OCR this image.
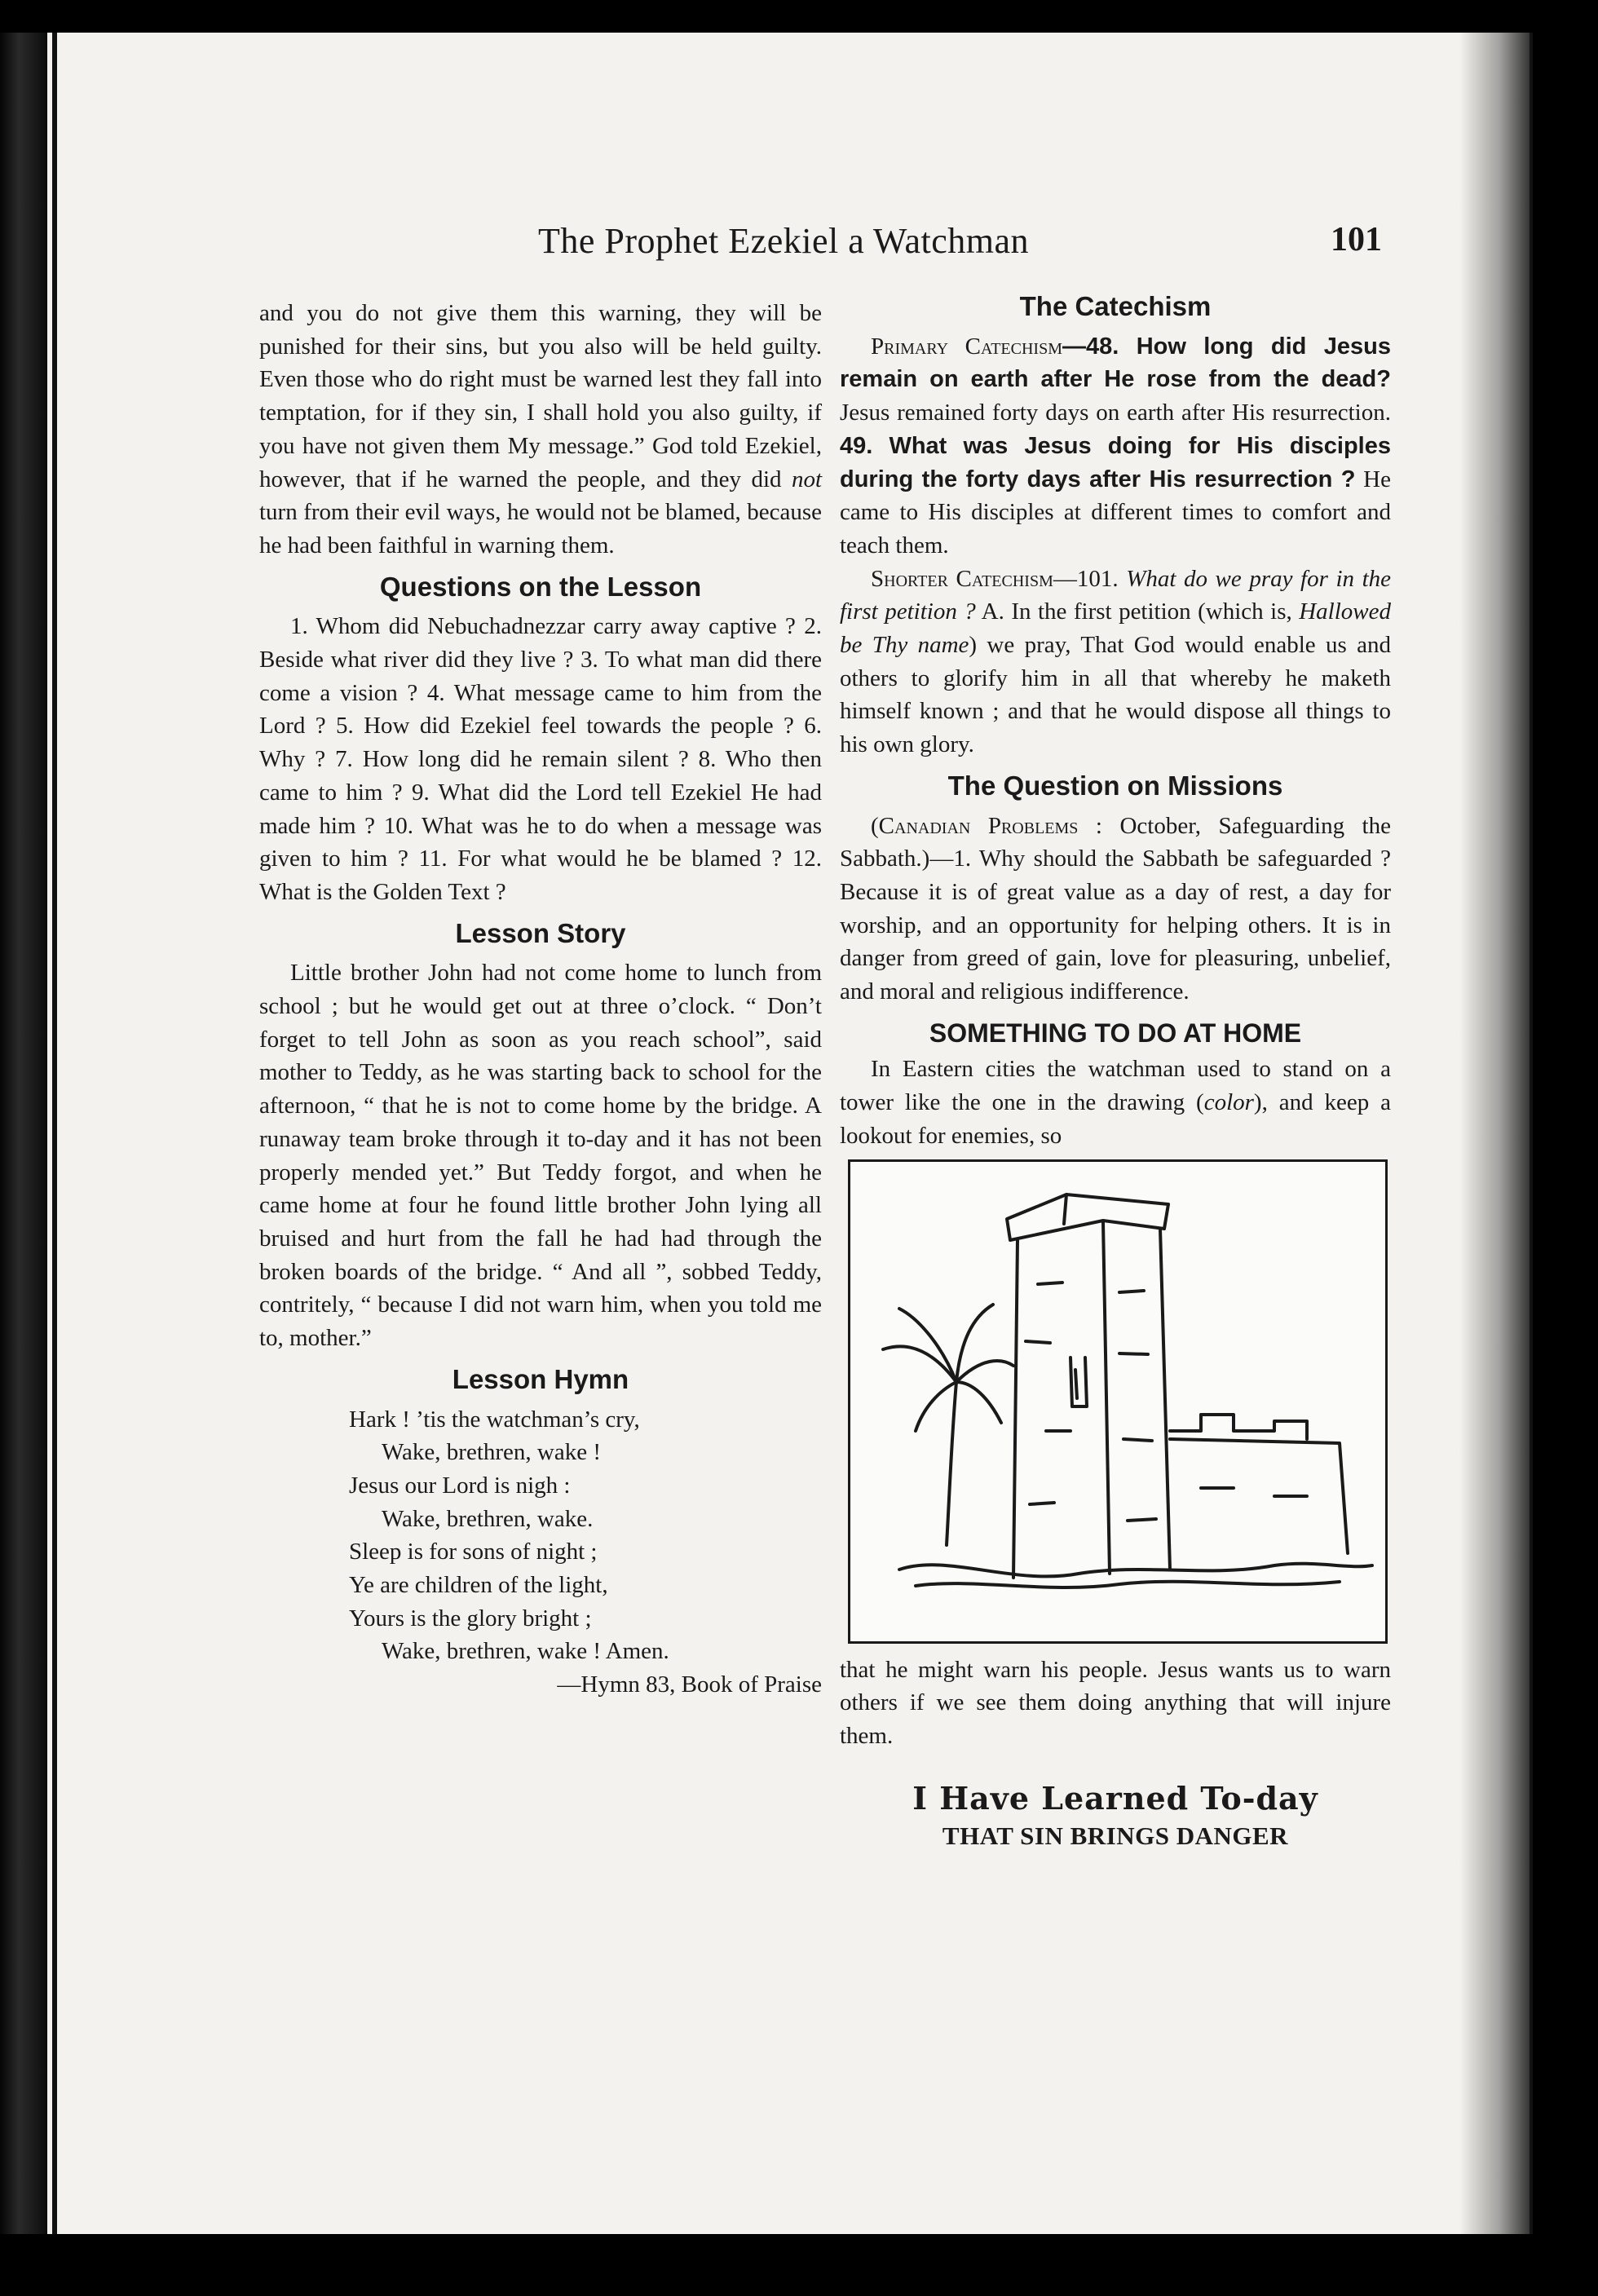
The Prophet Ezekiel a Watchman	101

and you do not give them this warning, they will be punished for their sins, but you also will be held guilty. Even those who do right must be warned lest they fall into temptation, for if they sin, I shall hold you also guilty, if you have not given them My message.” God told Ezekiel, however, that if he warned the people, and they did not turn from their evil ways, he would not be blamed, because he had been faithful in warning them.

Questions on the Lesson

1. Whom did Nebuchadnezzar carry away captive ? 2. Beside what river did they live ? 3. To what man did there come a vision ? 4. What message came to him from the Lord ? 5. How did Ezekiel feel towards the people ? 6. Why ? 7. How long did he remain silent ? 8. Who then came to him ? 9. What did the Lord tell Ezekiel He had made him ? 10. What was he to do when a message was given to him ? 11. For what would he be blamed ? 12. What is the Golden Text ?

Lesson Story

Little brother John had not come home to lunch from school ; but he would get out at three o’clock. “ Don’t forget to tell John as soon as you reach school”, said mother to Teddy, as he was starting back to school for the afternoon, “ that he is not to come home by the bridge. A runaway team broke through it to-day and it has not been properly mended yet.” But Teddy forgot, and when he came home at four he found little brother John lying all bruised and hurt from the fall he had had through the broken boards of the bridge. “ And all ”, sobbed Teddy, contritely, “ because I did not warn him, when you told me to, mother.”

Lesson Hymn
Hark ! ’tis the watchman’s cry,
Wake, brethren, wake !
Jesus our Lord is nigh :
Wake, brethren, wake.
Sleep is for sons of night ;
Ye are children of the light,
Yours is the glory bright ;
Wake, brethren, wake ! Amen.
—Hymn 83, Book of Praise
The Catechism

Primary Catechism—48. How long did Jesus remain on earth after He rose from the dead? Jesus remained forty days on earth after His resurrection. 49. What was Jesus doing for His disciples during the forty days after His resurrection ? He came to His disciples at different times to comfort and teach them.

Shorter Catechism—101. What do we pray for in the first petition ? A. In the first petition (which is, Hallowed be Thy name) we pray, That God would enable us and others to glorify him in all that whereby he maketh himself known ; and that he would dispose all things to his own glory.

The Question on Missions

(Canadian Problems : October, Safeguarding the Sabbath.)—1. Why should the Sabbath be safeguarded ? Because it is of great value as a day of rest, a day for worship, and an opportunity for helping others. It is in danger from greed of gain, love for pleasuring, unbelief, and moral and religious indifference.

SOMETHING TO DO AT HOME

In Eastern cities the watchman used to stand on a tower like the one in the drawing (color), and keep a lookout for enemies, so

that he might warn his people. Jesus wants us to warn others if we see them doing anything that will injure them.

I Have Learned To-day
THAT SIN BRINGS DANGER
